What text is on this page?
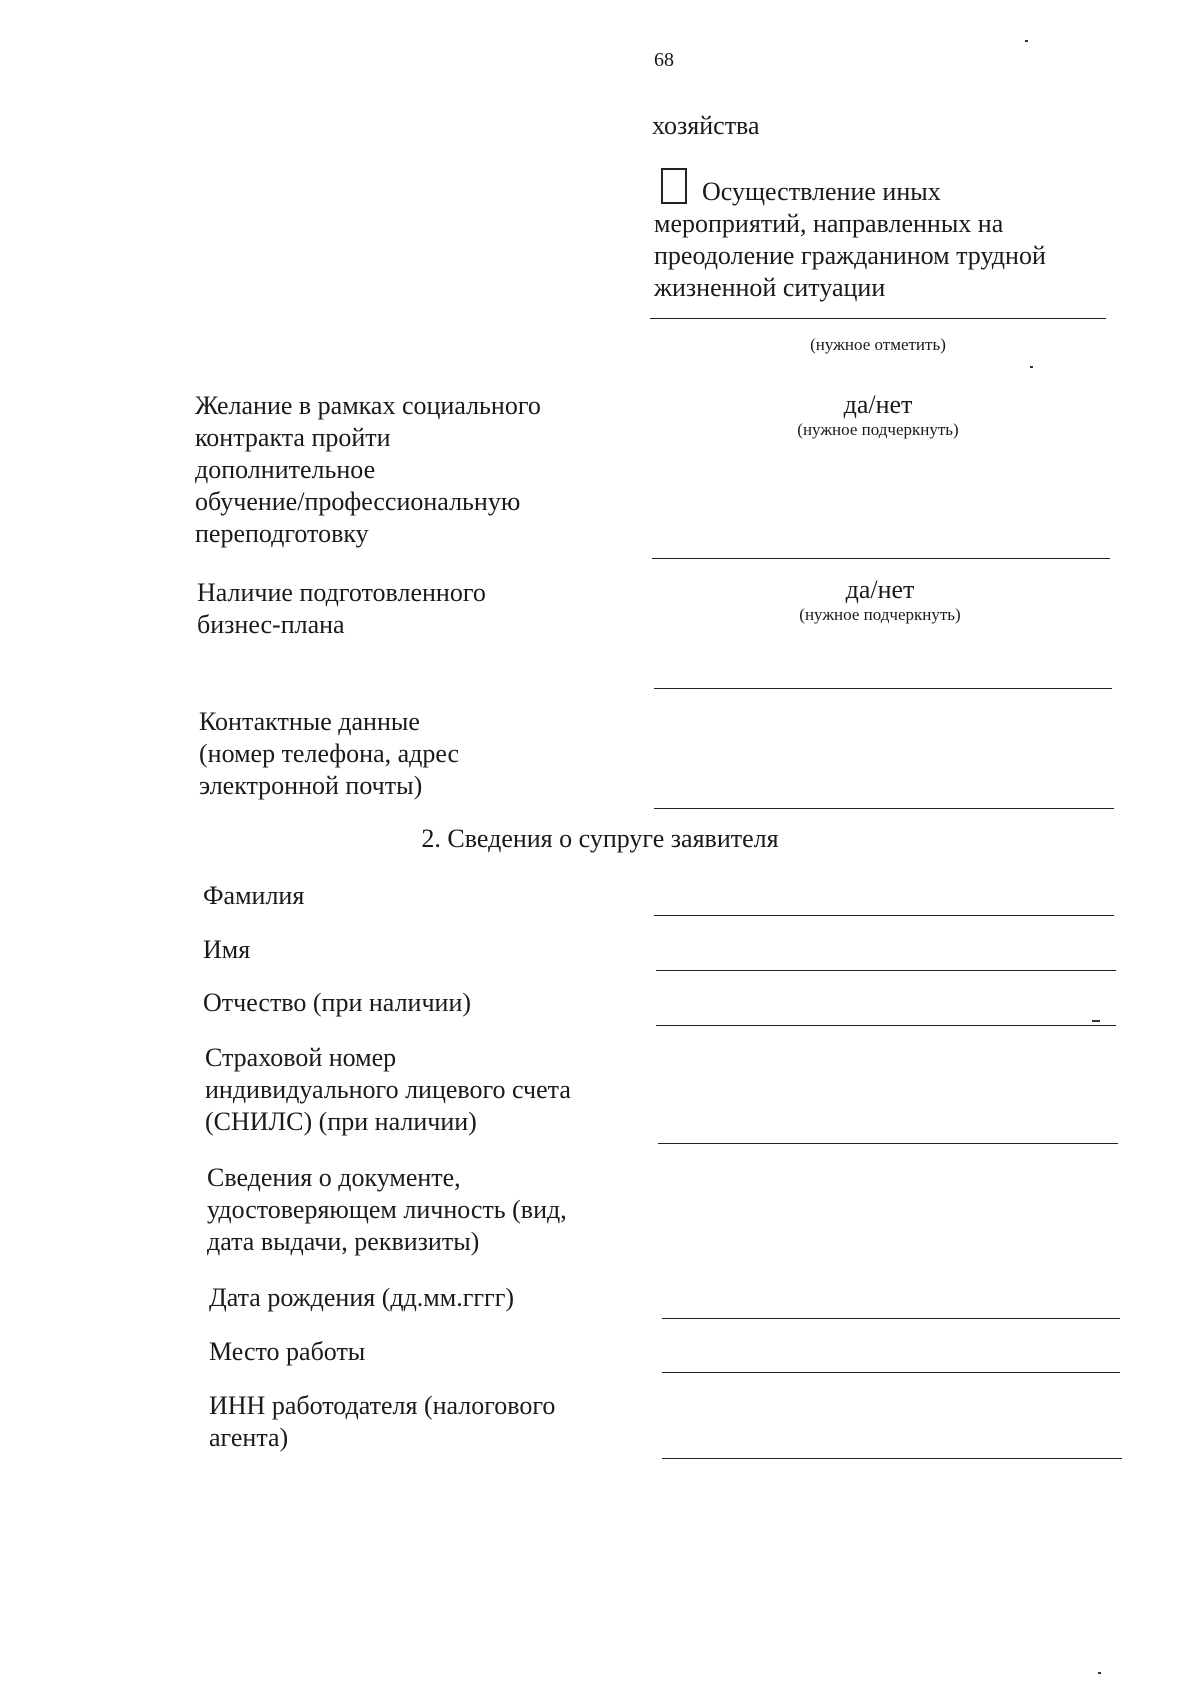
68
хозяйства
Осуществление иных
мероприятий, направленных на
преодоление гражданином трудной
жизненной ситуации
(нужное отметить)
Желание в рамках социального
контракта пройти
дополнительное
обучение/профессиональную
переподготовку
да/нет
(нужное подчеркнуть)
Наличие подготовленного
бизнес-плана
да/нет
(нужное подчеркнуть)
Контактные данные
(номер телефона, адрес
электронной почты)
2. Сведения о супруге заявителя
Фамилия
Имя
Отчество (при наличии)
Страховой номер
индивидуального лицевого счета
(СНИЛС) (при наличии)
Сведения о документе,
удостоверяющем личность (вид,
дата выдачи, реквизиты)
Дата рождения (дд.мм.гггг)
Место работы
ИНН работодателя (налогового
агента)
